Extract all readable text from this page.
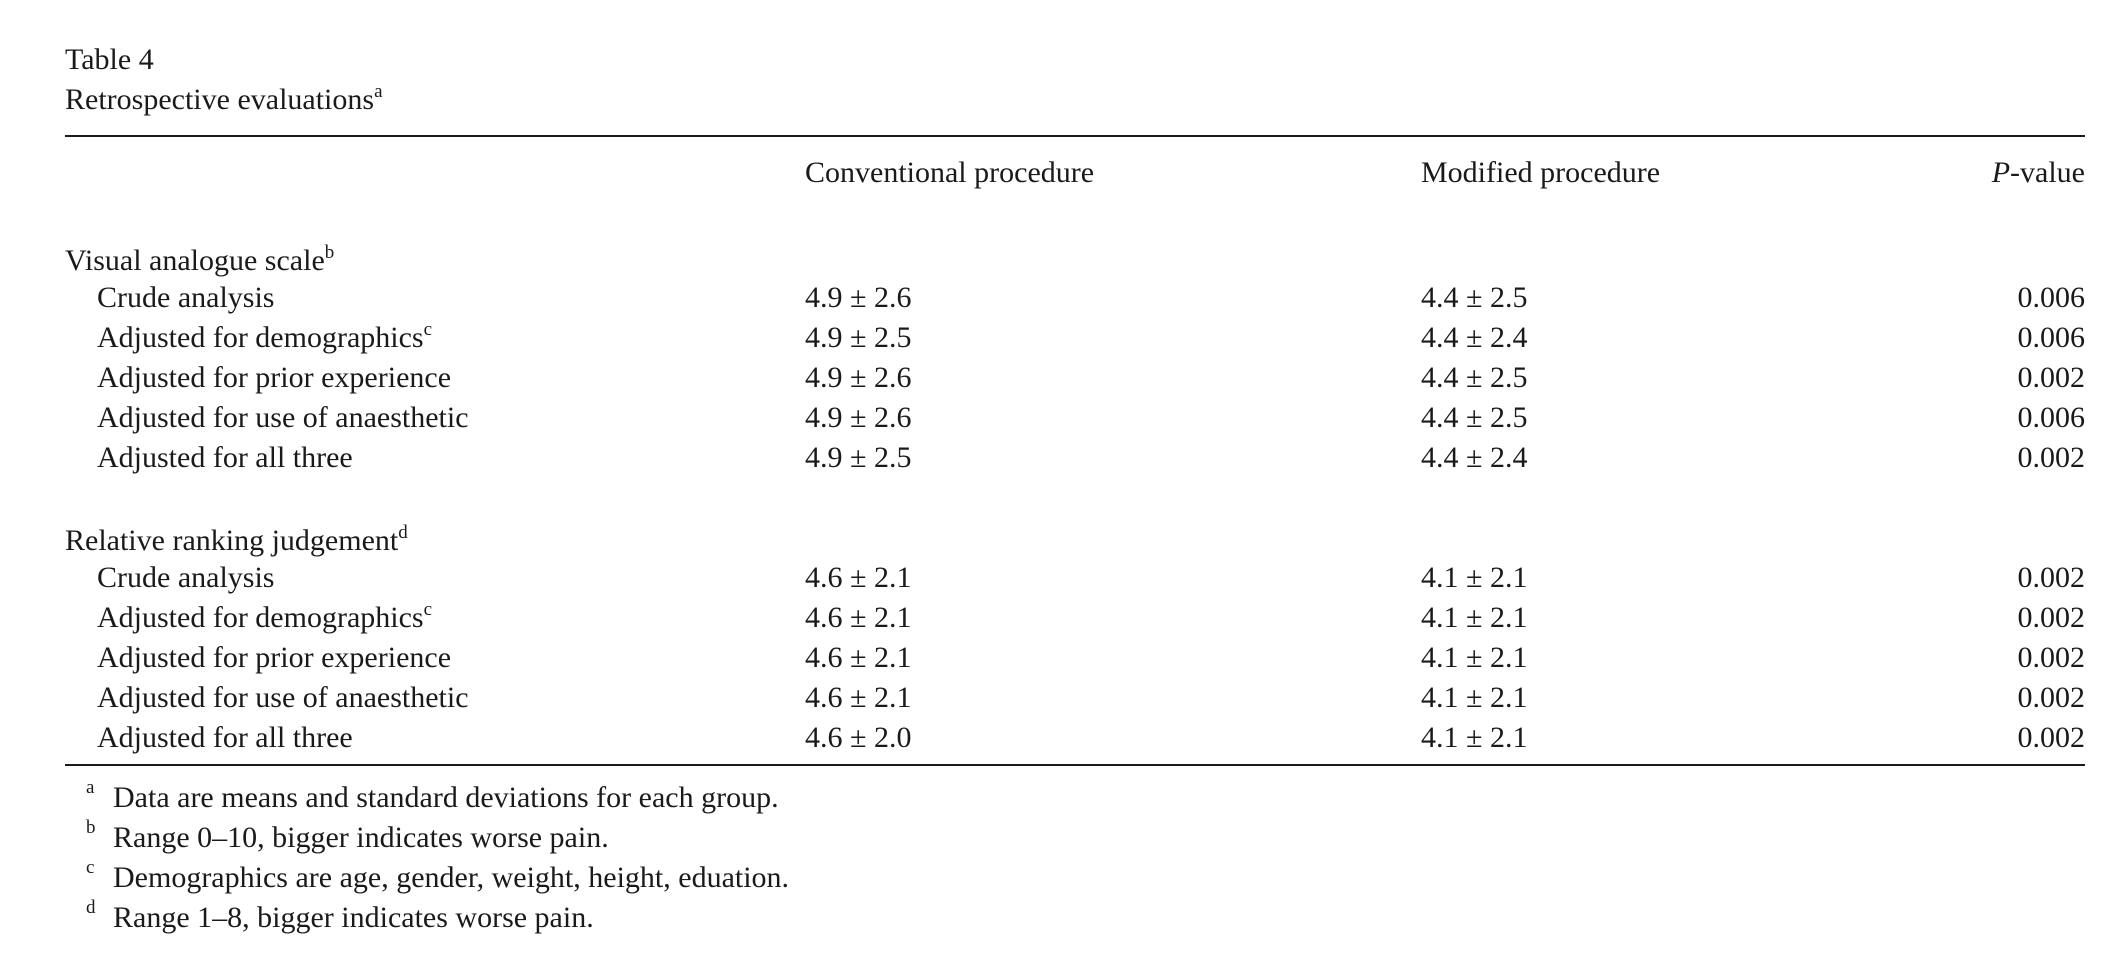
Table 4
Retrospective evaluations$^a$
	Conventional procedure	Modified procedure	P-value

Visual analogue scale$^b$
Crude analysis	4.9 ± 2.6	4.4 ± 2.5	0.006
Adjusted for demographics$^c$	4.9 ± 2.5	4.4 ± 2.4	0.006
Adjusted for prior experience	4.9 ± 2.6	4.4 ± 2.5	0.002
Adjusted for use of anaesthetic	4.9 ± 2.6	4.4 ± 2.5	0.006
Adjusted for all three	4.9 ± 2.5	4.4 ± 2.4	0.002

Relative ranking judgement$^d$
Crude analysis	4.6 ± 2.1	4.1 ± 2.1	0.002
Adjusted for demographics$^c$	4.6 ± 2.1	4.1 ± 2.1	0.002
Adjusted for prior experience	4.6 ± 2.1	4.1 ± 2.1	0.002
Adjusted for use of anaesthetic	4.6 ± 2.1	4.1 ± 2.1	0.002
Adjusted for all three	4.6 ± 2.0	4.1 ± 2.1	0.002

a Data are means and standard deviations for each group.
b Range 0–10, bigger indicates worse pain.
c Demographics are age, gender, weight, height, eduation.
d Range 1–8, bigger indicates worse pain.
